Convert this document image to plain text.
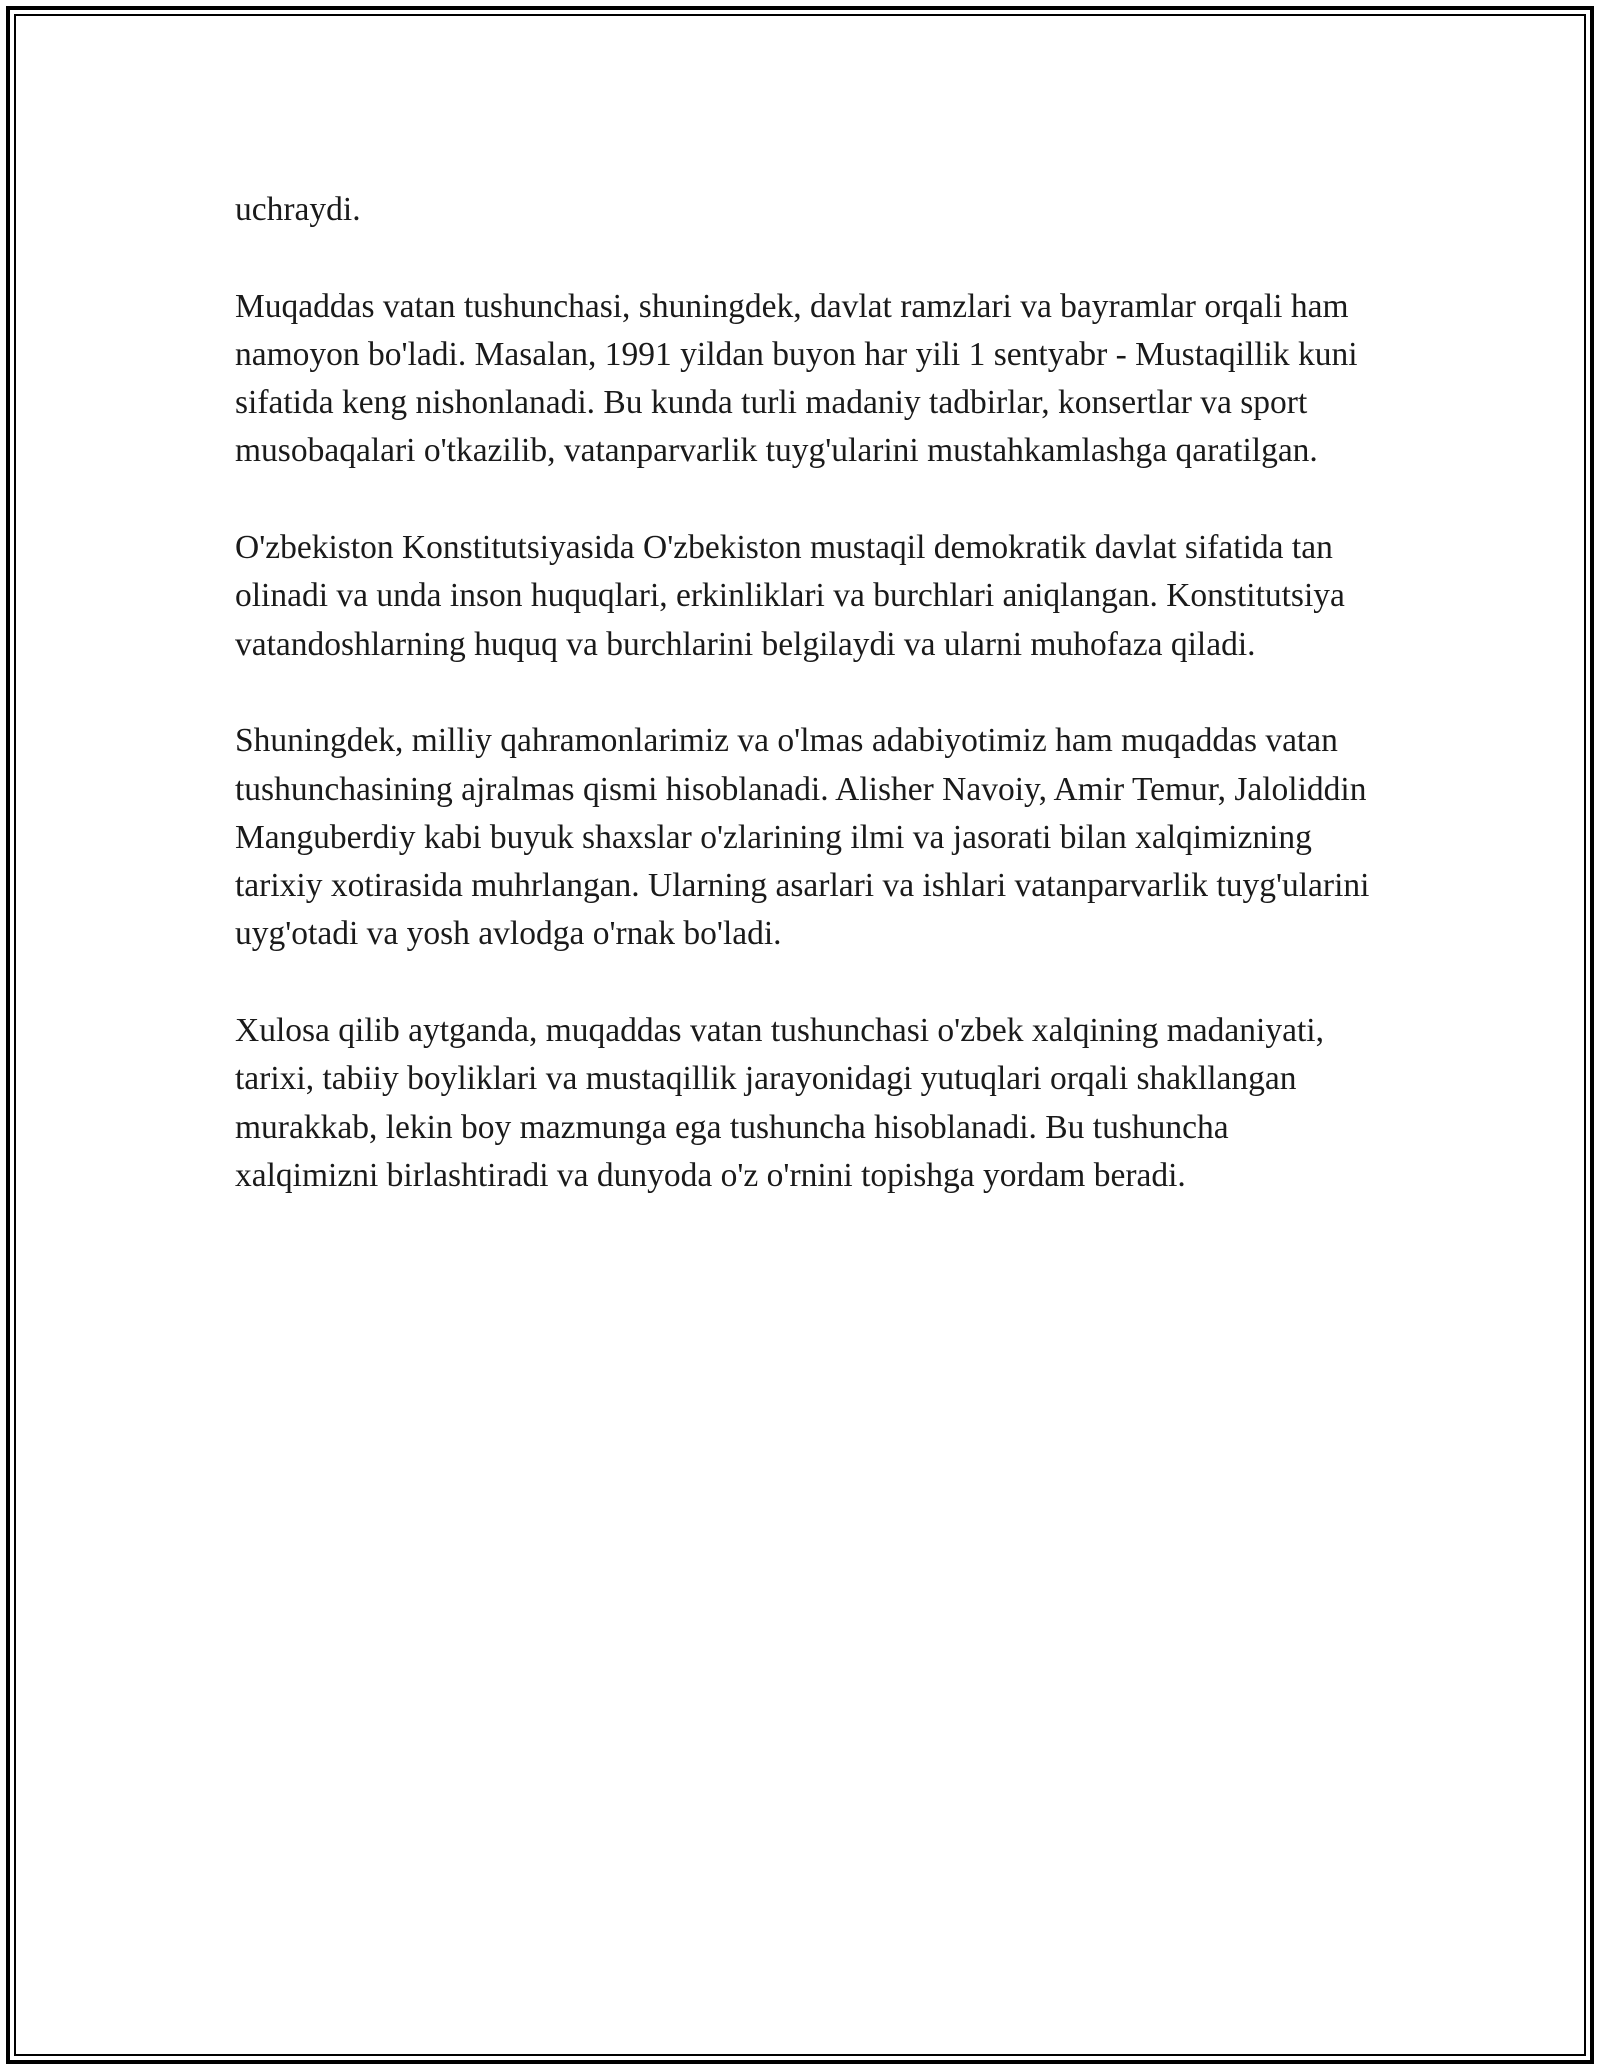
uchraydi.

Muqaddas vatan tushunchasi, shuningdek, davlat ramzlari va bayramlar orqali ham namoyon bo'ladi. Masalan, 1991 yildan buyon har yili 1 sentyabr - Mustaqillik kuni sifatida keng nishonlanadi. Bu kunda turli madaniy tadbirlar, konsertlar va sport musobaqalari o'tkazilib, vatanparvarlik tuyg'ularini mustahkamlashga qaratilgan.

O'zbekiston Konstitutsiyasida O'zbekiston mustaqil demokratik davlat sifatida tan olinadi va unda inson huquqlari, erkinliklari va burchlari aniqlangan. Konstitutsiya vatandoshlarning huquq va burchlarini belgilaydi va ularni muhofaza qiladi.

Shuningdek, milliy qahramonlarimiz va o'lmas adabiyotimiz ham muqaddas vatan tushunchasining ajralmas qismi hisoblanadi. Alisher Navoiy, Amir Temur, Jaloliddin Manguberdiy kabi buyuk shaxslar o'zlarining ilmi va jasorati bilan xalqimizning tarixiy xotirasida muhrlangan. Ularning asarlari va ishlari vatanparvarlik tuyg'ularini uyg'otadi va yosh avlodga o'rnak bo'ladi.

Xulosa qilib aytganda, muqaddas vatan tushunchasi o'zbek xalqining madaniyati, tarixi, tabiiy boyliklari va mustaqillik jarayonidagi yutuqlari orqali shakllangan murakkab, lekin boy mazmunga ega tushuncha hisoblanadi. Bu tushuncha xalqimizni birlashtiradi va dunyoda o'z o'rnini topishga yordam beradi.
